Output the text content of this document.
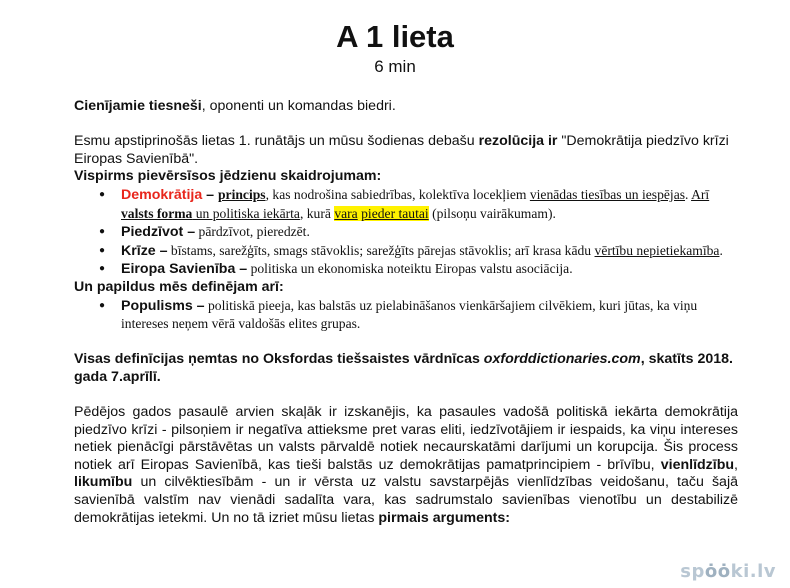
A 1 lieta
6 min

Cienījamie tiesneši, oponenti un komandas biedri.

Esmu apstiprinošās lietas 1. runātājs un mūsu šodienas debašu rezolūcija ir "Demokrātija piedzīvo krīzi Eiropas Savienībā".

Vispirms pievērsīsos jēdzienu skaidrojumam:

● Demokrātija – princips, kas nodrošina sabiedrības, kolektīva locekļiem vienādas tiesības un iespējas. Arī valsts forma un politiska iekārta, kurā vara pieder tautai (pilsoņu vairākumam).
● Piedzīvot – pārdzīvot, pieredzēt.
● Krīze – bīstams, sarežģīts, smags stāvoklis; sarežģīts pārejas stāvoklis; arī krasa kādu vērtību nepietiekamība.
● Eiropa Savienība – politiska un ekonomiska noteiktu Eiropas valstu asociācija.

Un papildus mēs definējam arī:

● Populisms – politiskā pieeja, kas balstās uz pielabināšanos vienkāršajiem cilvēkiem, kuri jūtas, ka viņu intereses neņem vērā valdošās elites grupas.

Visas definīcijas ņemtas no Oksfordas tiešsaistes vārdnīcas oxforddictionaries.com, skatīts 2018. gada 7.aprīlī.

Pēdējos gados pasaulē arvien skaļāk ir izskanējis, ka pasaules vadošā politiskā iekārta demokrātija piedzīvo krīzi - pilsoņiem ir negatīva attieksme pret varas eliti, iedzīvotājiem ir iespaids, ka viņu intereses netiek pienācīgi pārstāvētas un valsts pārvaldē notiek necaurskatāmi darījumi un korupcija. Šis process notiek arī Eiropas Savienībā, kas tieši balstās uz demokrātijas pamatprincipiem - brīvību, vienlīdzību, likumību un cilvēktiesībām - un ir vērsta uz valstu savstarpējās vienlīdzības veidošanu, taču šajā savienībā valstīm nav vienādi sadalīta vara, kas sadrumstalo savienības vienotību un destabilizē demokrātijas ietekmi. Un no tā izriet mūsu lietas pirmais arguments:

spȯȯki.lv
